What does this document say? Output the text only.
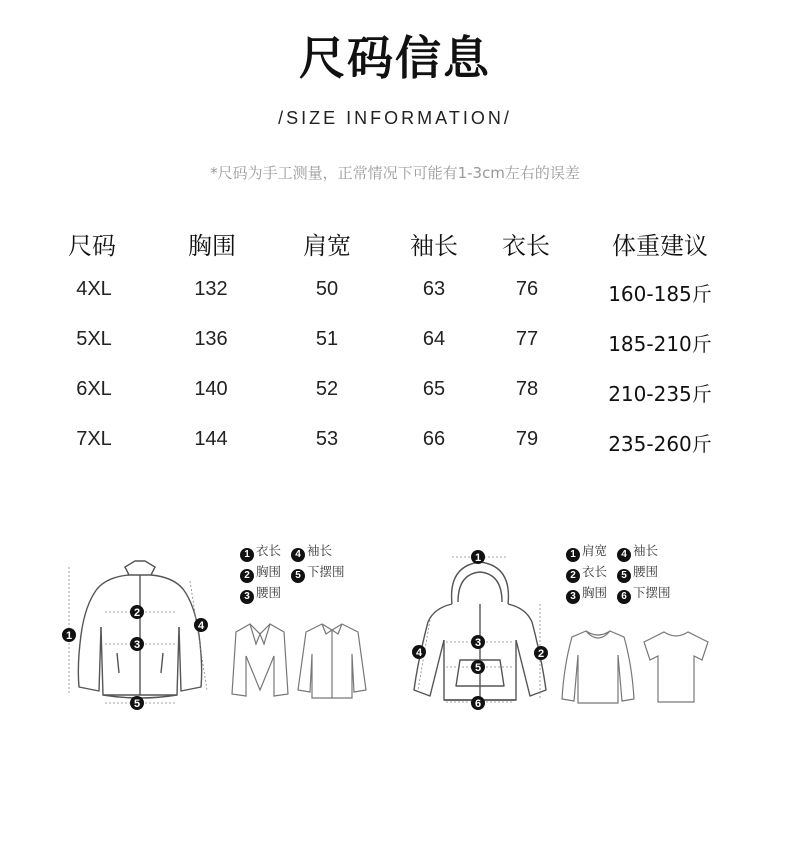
尺码信息
/SIZE INFORMATION/
*尺码为手工测量，正常情况下可能有1-3cm左右的误差
尺码	胸围	肩宽 袖长 衣长	体重建议
4XL	132	50	63	76	160-185斤
5XL	136	51	64	77	185-210斤
6XL	140	52	65	78	210-235斤
7XL	144	53	66	79	235-260斤
1
2
3
4
5
1 衣长 4 袖长
2 胸围 5 下摆围
3 腰围
1
2
3
4
5
6
1 肩宽 4 袖长
2 衣长 5 腰围
3 胸围 6 下摆围
